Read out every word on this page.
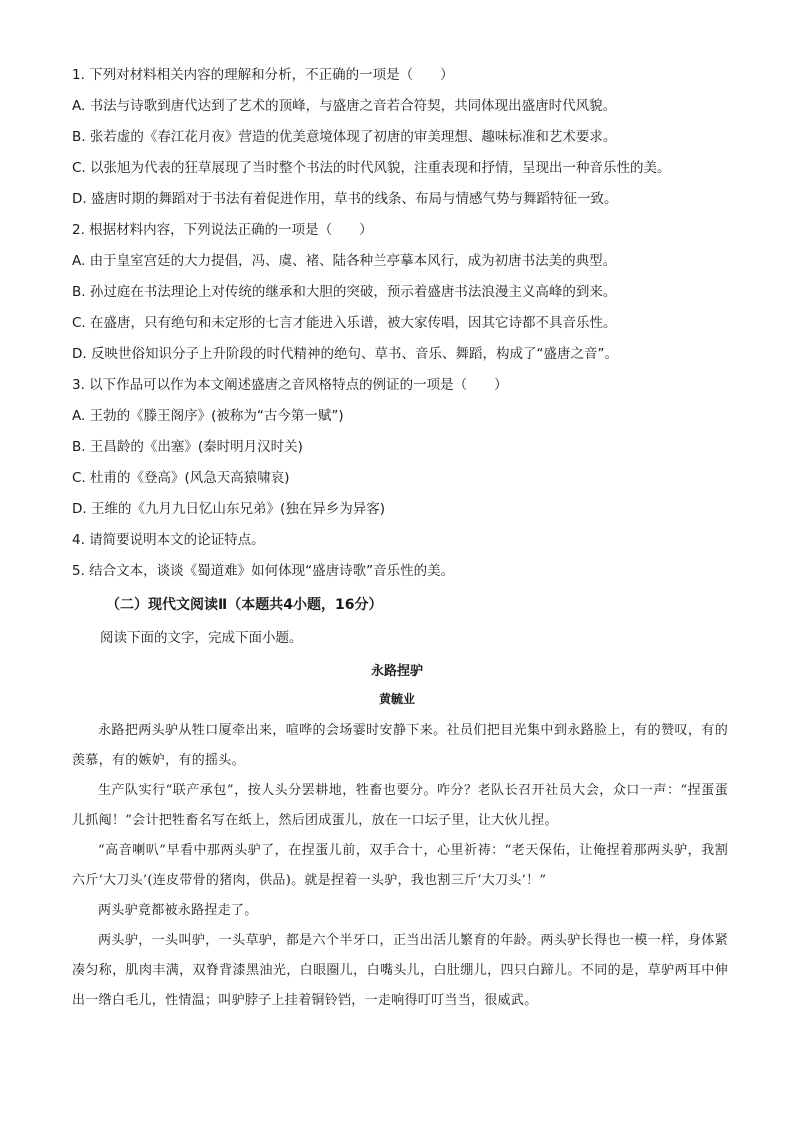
1. 下列对材料相关内容的理解和分析，不正确的一项是（　　）
A. 书法与诗歌到唐代达到了艺术的顶峰，与盛唐之音若合符契，共同体现出盛唐时代风貌。
B. 张若虚的《春江花月夜》营造的优美意境体现了初唐的审美理想、趣味标准和艺术要求。
C. 以张旭为代表的狂草展现了当时整个书法的时代风貌，注重表现和抒情，呈现出一种音乐性的美。
D. 盛唐时期的舞蹈对于书法有着促进作用，草书的线条、布局与情感气势与舞蹈特征一致。
2. 根据材料内容，下列说法正确的一项是（　　）
A. 由于皇室宫廷的大力提倡，冯、虞、褚、陆各种兰亭摹本风行，成为初唐书法美的典型。
B. 孙过庭在书法理论上对传统的继承和大胆的突破，预示着盛唐书法浪漫主义高峰的到来。
C. 在盛唐，只有绝句和未定形的七言才能进入乐谱，被大家传唱，因其它诗都不具音乐性。
D. 反映世俗知识分子上升阶段的时代精神的绝句、草书、音乐、舞蹈，构成了“盛唐之音”。
3. 以下作品可以作为本文阐述盛唐之音风格特点的例证的一项是（　　）
A. 王勃的《滕王阁序》(被称为“古今第一赋”)
B. 王昌龄的《出塞》(秦时明月汉时关)
C. 杜甫的《登高》(风急天高猿啸哀)
D. 王维的《九月九日忆山东兄弟》(独在异乡为异客)
4. 请简要说明本文的论证特点。
5. 结合文本，谈谈《蜀道难》如何体现“盛唐诗歌”音乐性的美。
（二）现代文阅读Ⅱ（本题共4小题，16分）
阅读下面的文字，完成下面小题。
永路捏驴
黄毓业
永路把两头驴从牲口厦牵出来，喧哗的会场霎时安静下来。社员们把目光集中到永路脸上，有的赞叹，有的羡慕，有的嫉妒，有的摇头。
生产队实行“联产承包”，按人头分罢耕地，牲畜也要分。咋分？老队长召开社员大会，众口一声：“捏蛋蛋儿抓阄！”会计把牲畜名写在纸上，然后团成蛋儿，放在一口坛子里，让大伙儿捏。
“高音喇叭”早看中那两头驴了，在捏蛋儿前，双手合十，心里祈祷：“老天保佑，让俺捏着那两头驴，我割六斤‘大刀头’(连皮带骨的猪肉，供品)。就是捏着一头驴，我也割三斤‘大刀头’！”
两头驴竟都被永路捏走了。
两头驴，一头叫驴，一头草驴，都是六个半牙口，正当出活儿繁育的年龄。两头驴长得也一模一样，身体紧凑匀称，肌肉丰满，双脊背漆黑油光，白眼圈儿，白嘴头儿，白肚绷儿，四只白蹄儿。不同的是，草驴两耳中伸出一绺白毛儿，性情温；叫驴脖子上挂着铜铃铛，一走响得叮叮当当，很威武。
